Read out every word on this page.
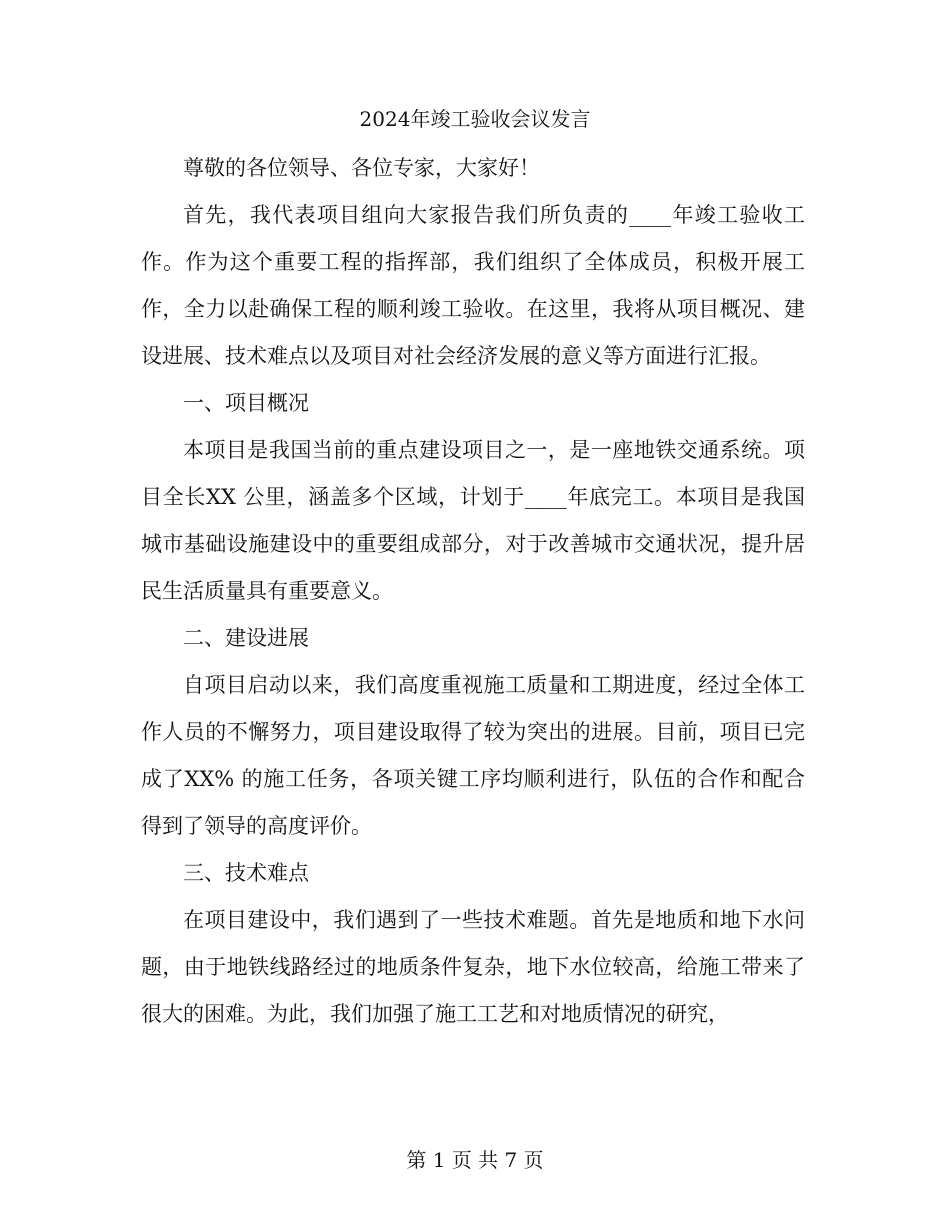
2024年竣工验收会议发言

尊敬的各位领导、各位专家，大家好！

首先，我代表项目组向大家报告我们所负责的____年竣工验收工作。作为这个重要工程的指挥部，我们组织了全体成员，积极开展工作，全力以赴确保工程的顺利竣工验收。在这里，我将从项目概况、建设进展、技术难点以及项目对社会经济发展的意义等方面进行汇报。

一、项目概况

本项目是我国当前的重点建设项目之一，是一座地铁交通系统。项目全长XX 公里，涵盖多个区域，计划于____年底完工。本项目是我国城市基础设施建设中的重要组成部分，对于改善城市交通状况，提升居民生活质量具有重要意义。

二、建设进展

自项目启动以来，我们高度重视施工质量和工期进度，经过全体工作人员的不懈努力，项目建设取得了较为突出的进展。目前，项目已完成了XX% 的施工任务，各项关键工序均顺利进行，队伍的合作和配合得到了领导的高度评价。

三、技术难点

在项目建设中，我们遇到了一些技术难题。首先是地质和地下水问题，由于地铁线路经过的地质条件复杂，地下水位较高，给施工带来了很大的困难。为此，我们加强了施工工艺和对地质情况的研究，

第 1 页 共 7 页
